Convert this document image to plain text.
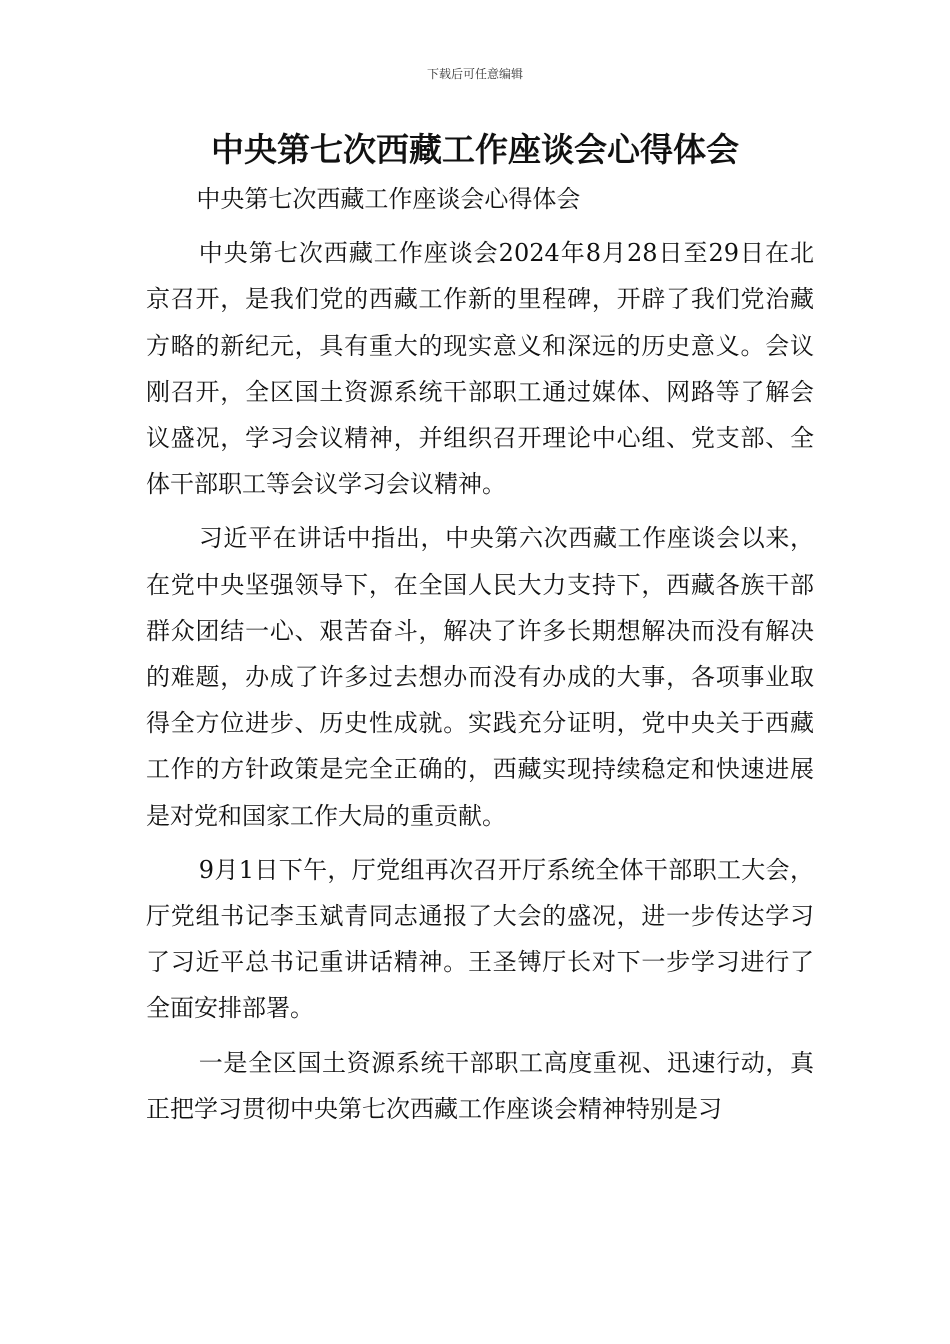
下载后可任意编辑
中央第七次西藏工作座谈会心得体会

中央第七次西藏工作座谈会心得体会

中央第七次西藏工作座谈会2024年8月28日至29日在北京召开，是我们党的西藏工作新的里程碑，开辟了我们党治藏方略的新纪元，具有重大的现实意义和深远的历史意义。会议刚召开，全区国土资源系统干部职工通过媒体、网路等了解会议盛况，学习会议精神，并组织召开理论中心组、党支部、全体干部职工等会议学习会议精神。

习近平在讲话中指出，中央第六次西藏工作座谈会以来，在党中央坚强领导下，在全国人民大力支持下，西藏各族干部群众团结一心、艰苦奋斗，解决了许多长期想解决而没有解决的难题，办成了许多过去想办而没有办成的大事，各项事业取得全方位进步、历史性成就。实践充分证明，党中央关于西藏工作的方针政策是完全正确的，西藏实现持续稳定和快速进展是对党和国家工作大局的重贡献。

9月1日下午，厅党组再次召开厅系统全体干部职工大会，厅党组书记李玉斌青同志通报了大会的盛况，进一步传达学习了习近平总书记重讲话精神。王圣镈厅长对下一步学习进行了全面安排部署。

一是全区国土资源系统干部职工高度重视、迅速行动，真正把学习贯彻中央第七次西藏工作座谈会精神特别是习
